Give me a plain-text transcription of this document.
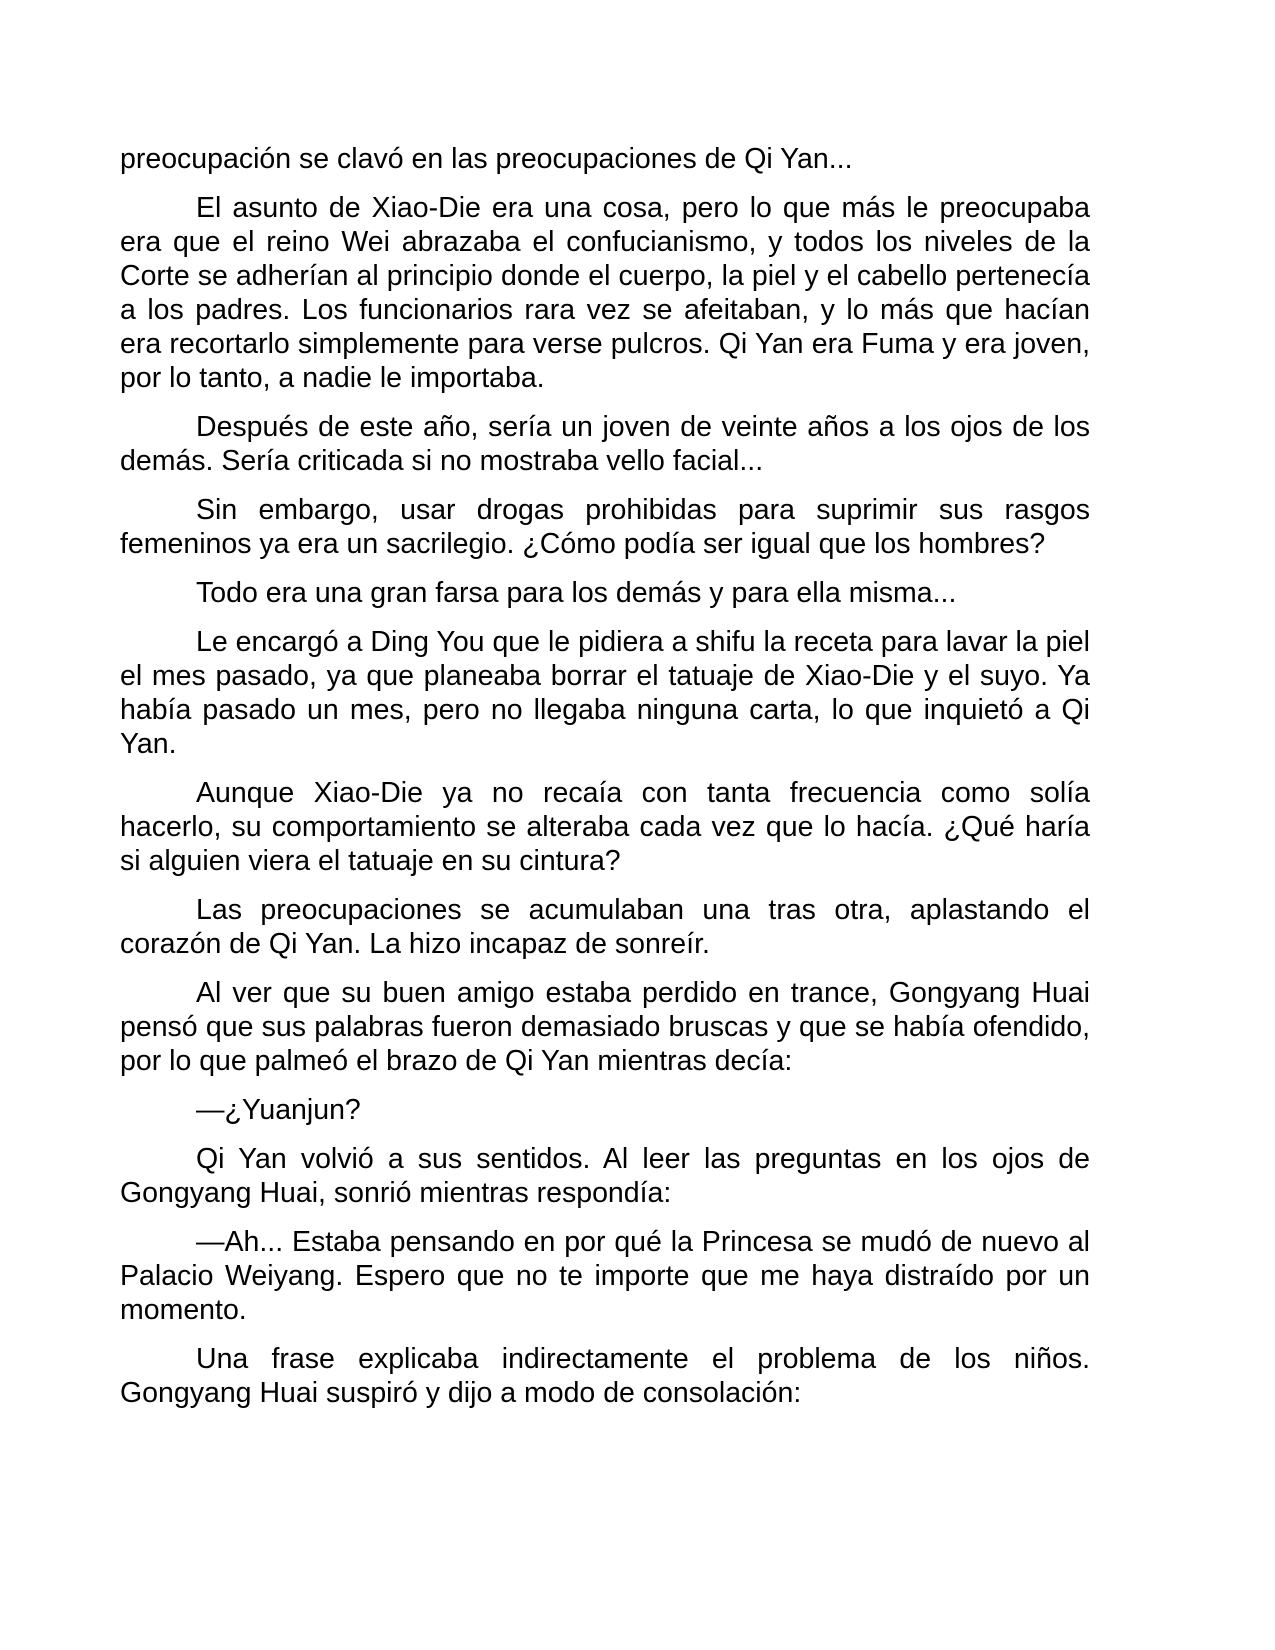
preocupación se clavó en las preocupaciones de Qi Yan...

El asunto de Xiao-Die era una cosa, pero lo que más le preocupaba era que el reino Wei abrazaba el confucianismo, y todos los niveles de la Corte se adherían al principio donde el cuerpo, la piel y el cabello pertenecía a los padres. Los funcionarios rara vez se afeitaban, y lo más que hacían era recortarlo simplemente para verse pulcros. Qi Yan era Fuma y era joven, por lo tanto, a nadie le importaba.

Después de este año, sería un joven de veinte años a los ojos de los demás. Sería criticada si no mostraba vello facial...

Sin embargo, usar drogas prohibidas para suprimir sus rasgos femeninos ya era un sacrilegio. ¿Cómo podía ser igual que los hombres?

Todo era una gran farsa para los demás y para ella misma...

Le encargó a Ding You que le pidiera a shifu la receta para lavar la piel el mes pasado, ya que planeaba borrar el tatuaje de Xiao-Die y el suyo. Ya había pasado un mes, pero no llegaba ninguna carta, lo que inquietó a Qi Yan.

Aunque Xiao-Die ya no recaía con tanta frecuencia como solía hacerlo, su comportamiento se alteraba cada vez que lo hacía. ¿Qué haría si alguien viera el tatuaje en su cintura?

Las preocupaciones se acumulaban una tras otra, aplastando el corazón de Qi Yan. La hizo incapaz de sonreír.

Al ver que su buen amigo estaba perdido en trance, Gongyang Huai pensó que sus palabras fueron demasiado bruscas y que se había ofendido, por lo que palmeó el brazo de Qi Yan mientras decía:

—¿Yuanjun?

Qi Yan volvió a sus sentidos. Al leer las preguntas en los ojos de Gongyang Huai, sonrió mientras respondía:

—Ah... Estaba pensando en por qué la Princesa se mudó de nuevo al Palacio Weiyang. Espero que no te importe que me haya distraído por un momento.

Una frase explicaba indirectamente el problema de los niños. Gongyang Huai suspiró y dijo a modo de consolación:
